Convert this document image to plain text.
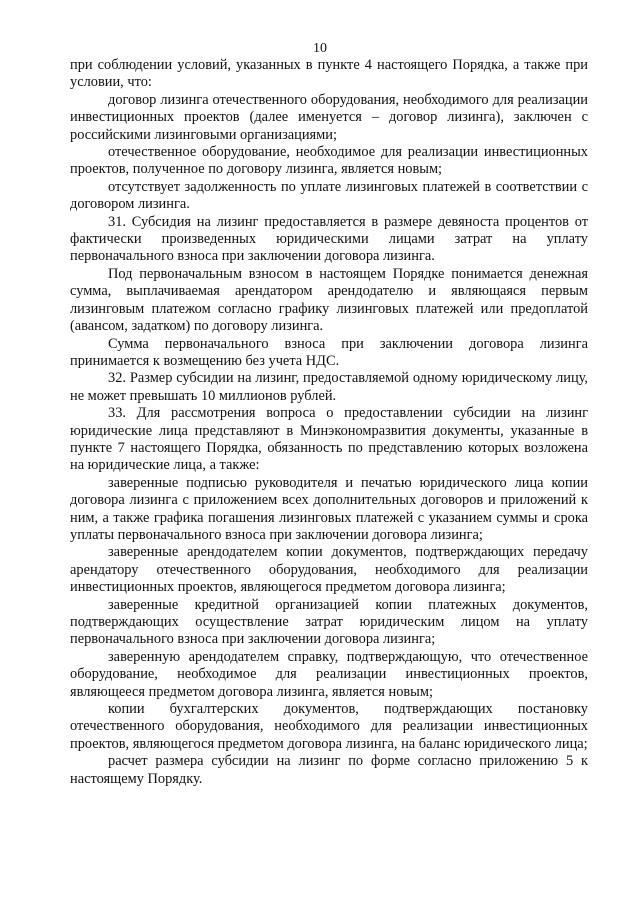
10

при соблюдении условий, указанных в пункте 4 настоящего Порядка, а также при условии, что:

договор лизинга отечественного оборудования, необходимого для реализации инвестиционных проектов (далее именуется – договор лизинга), заключен с российскими лизинговыми организациями;

отечественное оборудование, необходимое для реализации инвестиционных проектов, полученное по договору лизинга, является новым;

отсутствует задолженность по уплате лизинговых платежей в соответствии с договором лизинга.

31. Субсидия на лизинг предоставляется в размере девяноста процентов от фактически произведенных юридическими лицами затрат на уплату первоначального взноса при заключении договора лизинга.

Под первоначальным взносом в настоящем Порядке понимается денежная сумма, выплачиваемая арендатором арендодателю и являющаяся первым лизинговым платежом согласно графику лизинговых платежей или предоплатой (авансом, задатком) по договору лизинга.

Сумма первоначального взноса при заключении договора лизинга принимается к возмещению без учета НДС.

32. Размер субсидии на лизинг, предоставляемой одному юридическому лицу, не может превышать 10 миллионов рублей.

33. Для рассмотрения вопроса о предоставлении субсидии на лизинг юридические лица представляют в Минэкономразвития документы, указанные в пункте 7 настоящего Порядка, обязанность по представлению которых возложена на юридические лица, а также:

заверенные подписью руководителя и печатью юридического лица копии договора лизинга с приложением всех дополнительных договоров и приложений к ним, а также графика погашения лизинговых платежей с указанием суммы и срока уплаты первоначального взноса при заключении договора лизинга;

заверенные арендодателем копии документов, подтверждающих передачу арендатору отечественного оборудования, необходимого для реализации инвестиционных проектов, являющегося предметом договора лизинга;

заверенные кредитной организацией копии платежных документов, подтверждающих осуществление затрат юридическим лицом на уплату первоначального взноса при заключении договора лизинга;

заверенную арендодателем справку, подтверждающую, что отечественное оборудование, необходимое для реализации инвестиционных проектов, являющееся предметом договора лизинга, является новым;

копии бухгалтерских документов, подтверждающих постановку отечественного оборудования, необходимого для реализации инвестиционных проектов, являющегося предметом договора лизинга, на баланс юридического лица;

расчет размера субсидии на лизинг по форме согласно приложению 5 к настоящему Порядку.
